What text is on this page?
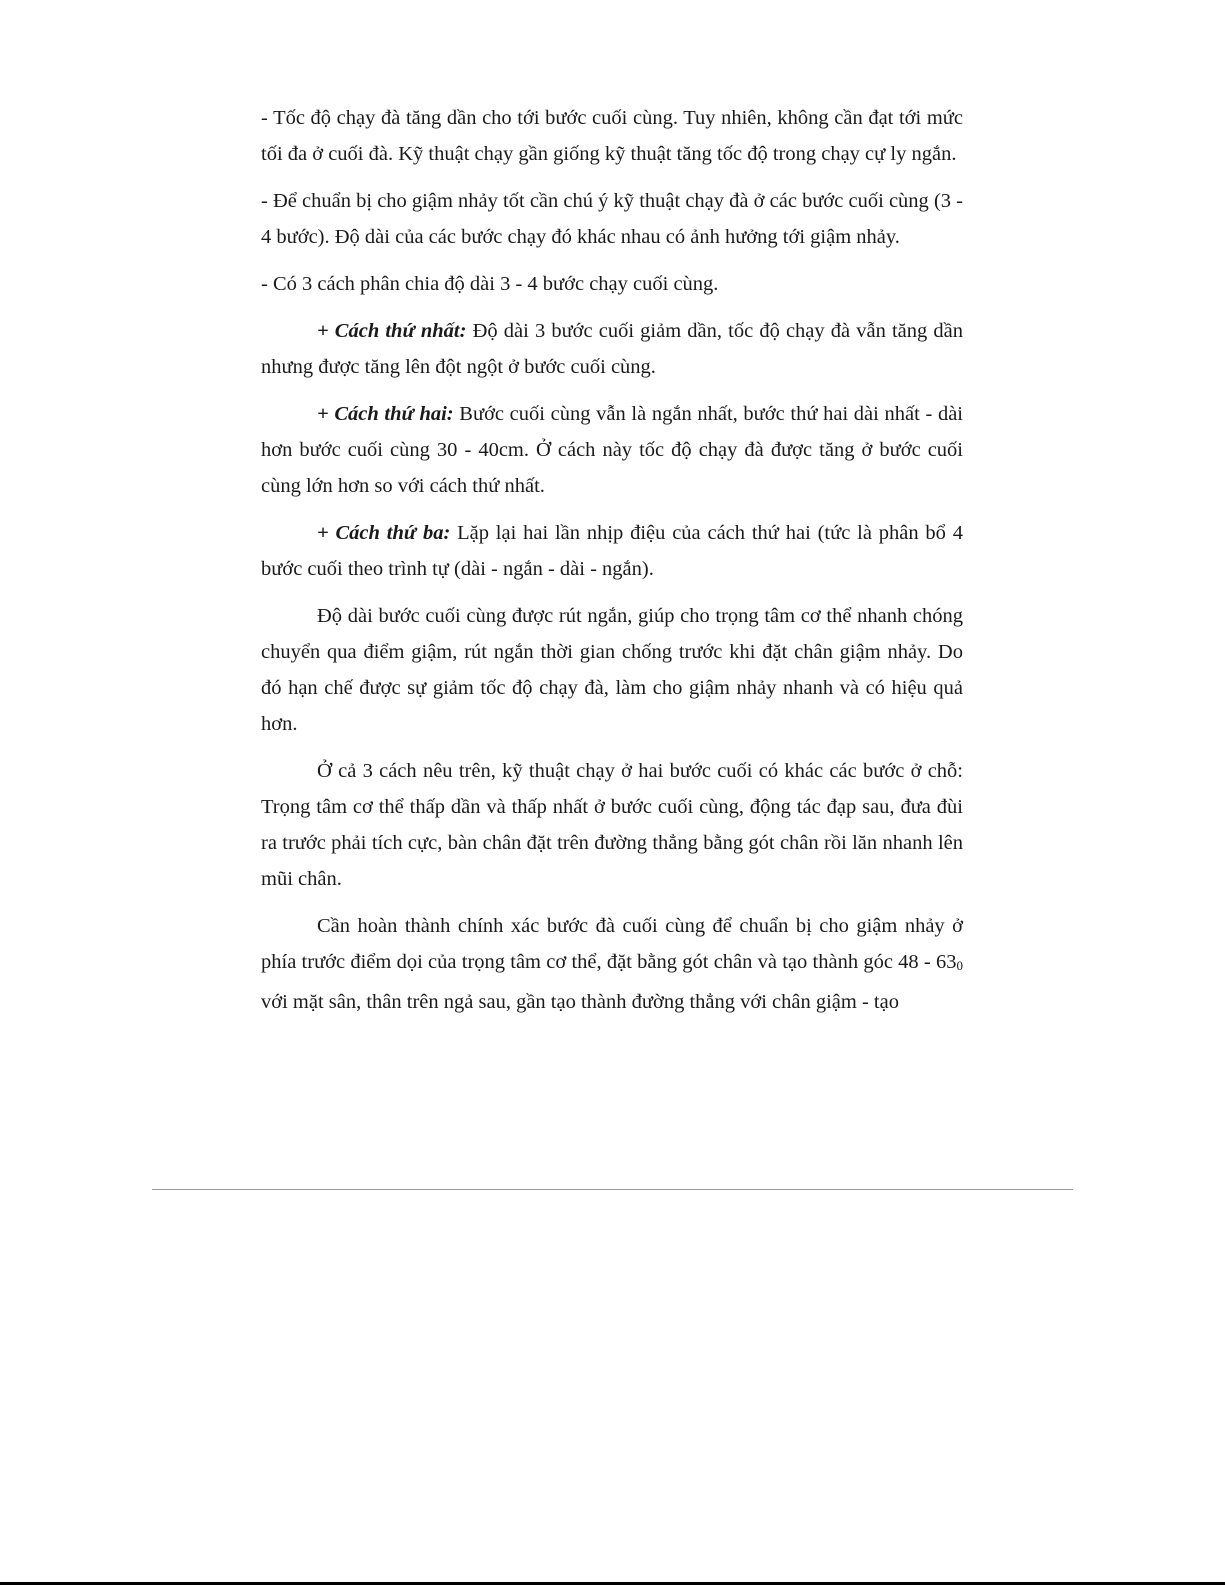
- Tốc độ chạy đà tăng dần cho tới bước cuối cùng. Tuy nhiên, không cần đạt tới mức tối đa ở cuối đà. Kỹ thuật chạy gần giống kỹ thuật tăng tốc độ trong chạy cự ly ngắn.

- Để chuẩn bị cho giậm nhảy tốt cần chú ý kỹ thuật chạy đà ở các bước cuối cùng (3 - 4 bước). Độ dài của các bước chạy đó khác nhau có ảnh hưởng tới giậm nhảy.

- Có 3 cách phân chia độ dài 3 - 4 bước chạy cuối cùng.

+ Cách thứ nhất: Độ dài 3 bước cuối giảm dần, tốc độ chạy đà vẫn tăng dần nhưng được tăng lên đột ngột ở bước cuối cùng.

+ Cách thứ hai: Bước cuối cùng vẫn là ngắn nhất, bước thứ hai dài nhất - dài hơn bước cuối cùng 30 - 40cm. Ở cách này tốc độ chạy đà được tăng ở bước cuối cùng lớn hơn so với cách thứ nhất.

+ Cách thứ ba: Lặp lại hai lần nhịp điệu của cách thứ hai (tức là phân bổ 4 bước cuối theo trình tự (dài - ngắn - dài - ngắn).

Độ dài bước cuối cùng được rút ngắn, giúp cho trọng tâm cơ thể nhanh chóng chuyển qua điểm giậm, rút ngắn thời gian chống trước khi đặt chân giậm nhảy. Do đó hạn chế được sự giảm tốc độ chạy đà, làm cho giậm nhảy nhanh và có hiệu quả hơn.

Ở cả 3 cách nêu trên, kỹ thuật chạy ở hai bước cuối có khác các bước ở chỗ: Trọng tâm cơ thể thấp dần và thấp nhất ở bước cuối cùng, động tác đạp sau, đưa đùi ra trước phải tích cực, bàn chân đặt trên đường thẳng bằng gót chân rồi lăn nhanh lên mũi chân.

Cần hoàn thành chính xác bước đà cuối cùng để chuẩn bị cho giậm nhảy ở phía trước điểm dọi của trọng tâm cơ thể, đặt bằng gót chân và tạo thành góc 48 - 630 với mặt sân, thân trên ngả sau, gần tạo thành đường thẳng với chân giậm - tạo
